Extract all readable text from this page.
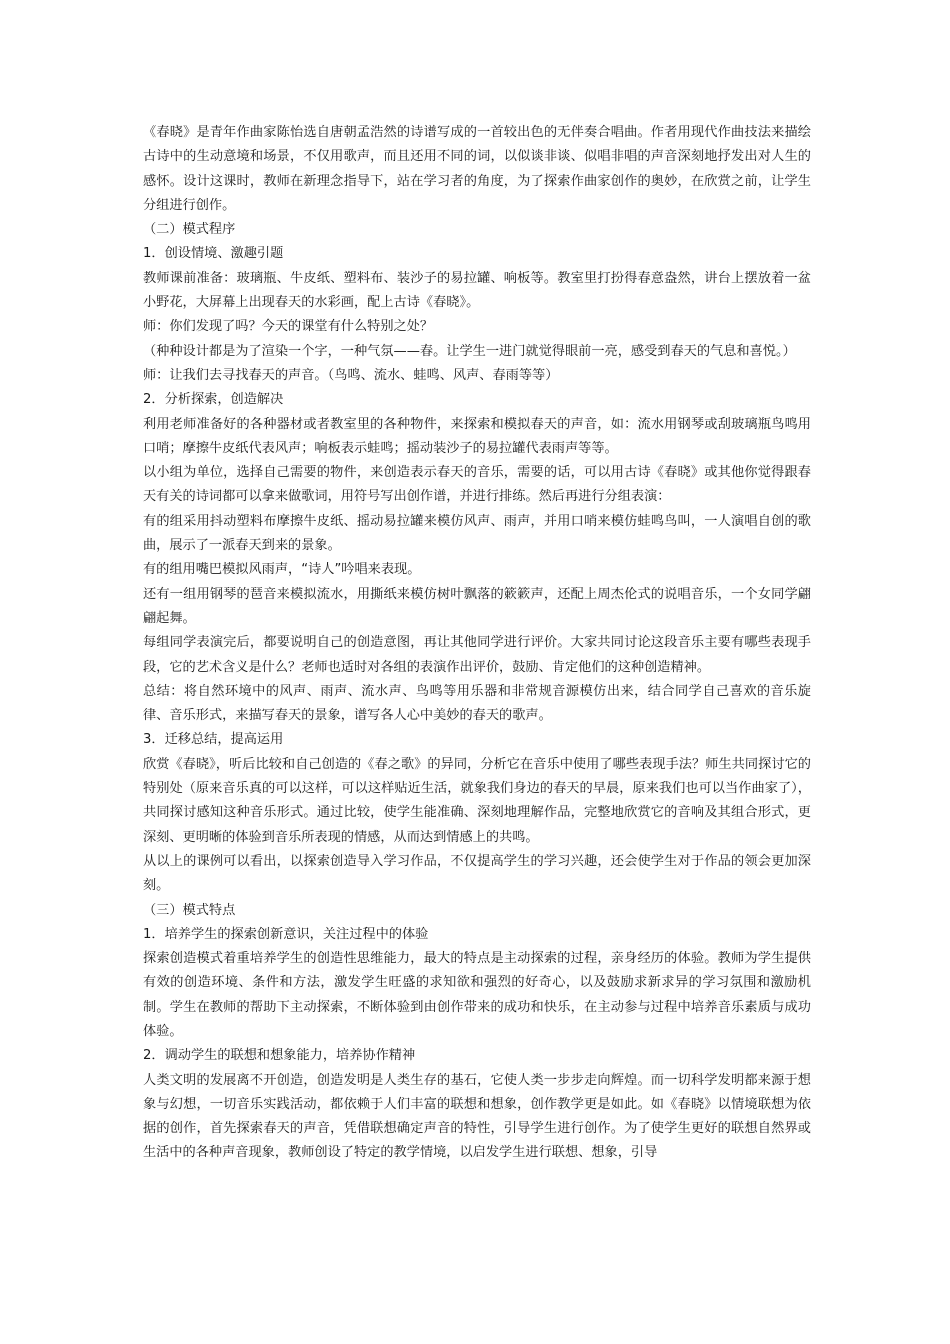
《春晓》是青年作曲家陈怡选自唐朝孟浩然的诗谱写成的一首较出色的无伴奏合唱曲。作者用现代作曲技法来描绘古诗中的生动意境和场景，不仅用歌声，而且还用不同的词，以似谈非谈、似唱非唱的声音深刻地抒发出对人生的感怀。设计这课时，教师在新理念指导下，站在学习者的角度，为了探索作曲家创作的奥妙，在欣赏之前，让学生分组进行创作。

（二）模式程序

1．创设情境、激趣引题

教师课前准备：玻璃瓶、牛皮纸、塑料布、装沙子的易拉罐、响板等。教室里打扮得春意盎然，讲台上摆放着一盆小野花，大屏幕上出现春天的水彩画，配上古诗《春晓》。

师：你们发现了吗？今天的课堂有什么特别之处？

（种种设计都是为了渲染一个字，一种气氛——春。让学生一进门就觉得眼前一亮，感受到春天的气息和喜悦。）

师：让我们去寻找春天的声音。（鸟鸣、流水、蛙鸣、风声、春雨等等）

2．分析探索，创造解决

利用老师准备好的各种器材或者教室里的各种物件，来探索和模拟春天的声音，如：流水用钢琴或刮玻璃瓶鸟鸣用口哨；摩擦牛皮纸代表风声；响板表示蛙鸣；摇动装沙子的易拉罐代表雨声等等。

以小组为单位，选择自己需要的物件，来创造表示春天的音乐，需要的话，可以用古诗《春晓》或其他你觉得跟春天有关的诗词都可以拿来做歌词，用符号写出创作谱，并进行排练。然后再进行分组表演：

有的组采用抖动塑料布摩擦牛皮纸、摇动易拉罐来模仿风声、雨声，并用口哨来模仿蛙鸣鸟叫，一人演唱自创的歌曲，展示了一派春天到来的景象。

有的组用嘴巴模拟风雨声，“诗人”吟唱来表现。

还有一组用钢琴的琶音来模拟流水，用撕纸来模仿树叶飘落的簌簌声，还配上周杰伦式的说唱音乐，一个女同学翩翩起舞。

每组同学表演完后，都要说明自己的创造意图，再让其他同学进行评价。大家共同讨论这段音乐主要有哪些表现手段，它的艺术含义是什么？老师也适时对各组的表演作出评价，鼓励、肯定他们的这种创造精神。

总结：将自然环境中的风声、雨声、流水声、鸟鸣等用乐器和非常规音源模仿出来，结合同学自己喜欢的音乐旋律、音乐形式，来描写春天的景象，谱写各人心中美妙的春天的歌声。

3．迁移总结，提高运用

欣赏《春晓》，听后比较和自己创造的《春之歌》的异同，分析它在音乐中使用了哪些表现手法？师生共同探讨它的特别处（原来音乐真的可以这样，可以这样贴近生活，就象我们身边的春天的早晨，原来我们也可以当作曲家了），共同探讨感知这种音乐形式。通过比较，使学生能准确、深刻地理解作品，完整地欣赏它的音响及其组合形式，更深刻、更明晰的体验到音乐所表现的情感，从而达到情感上的共鸣。

从以上的课例可以看出，以探索创造导入学习作品，不仅提高学生的学习兴趣，还会使学生对于作品的领会更加深刻。

（三）模式特点

1．培养学生的探索创新意识，关注过程中的体验

探索创造模式着重培养学生的创造性思维能力，最大的特点是主动探索的过程，亲身经历的体验。教师为学生提供有效的创造环境、条件和方法，激发学生旺盛的求知欲和强烈的好奇心，以及鼓励求新求异的学习氛围和激励机制。学生在教师的帮助下主动探索，不断体验到由创作带来的成功和快乐，在主动参与过程中培养音乐素质与成功体验。

2．调动学生的联想和想象能力，培养协作精神

人类文明的发展离不开创造，创造发明是人类生存的基石，它使人类一步步走向辉煌。而一切科学发明都来源于想象与幻想，一切音乐实践活动，都依赖于人们丰富的联想和想象，创作教学更是如此。如《春晓》以情境联想为依据的创作，首先探索春天的声音，凭借联想确定声音的特性，引导学生进行创作。为了使学生更好的联想自然界或生活中的各种声音现象，教师创设了特定的教学情境，以启发学生进行联想、想象，引导
